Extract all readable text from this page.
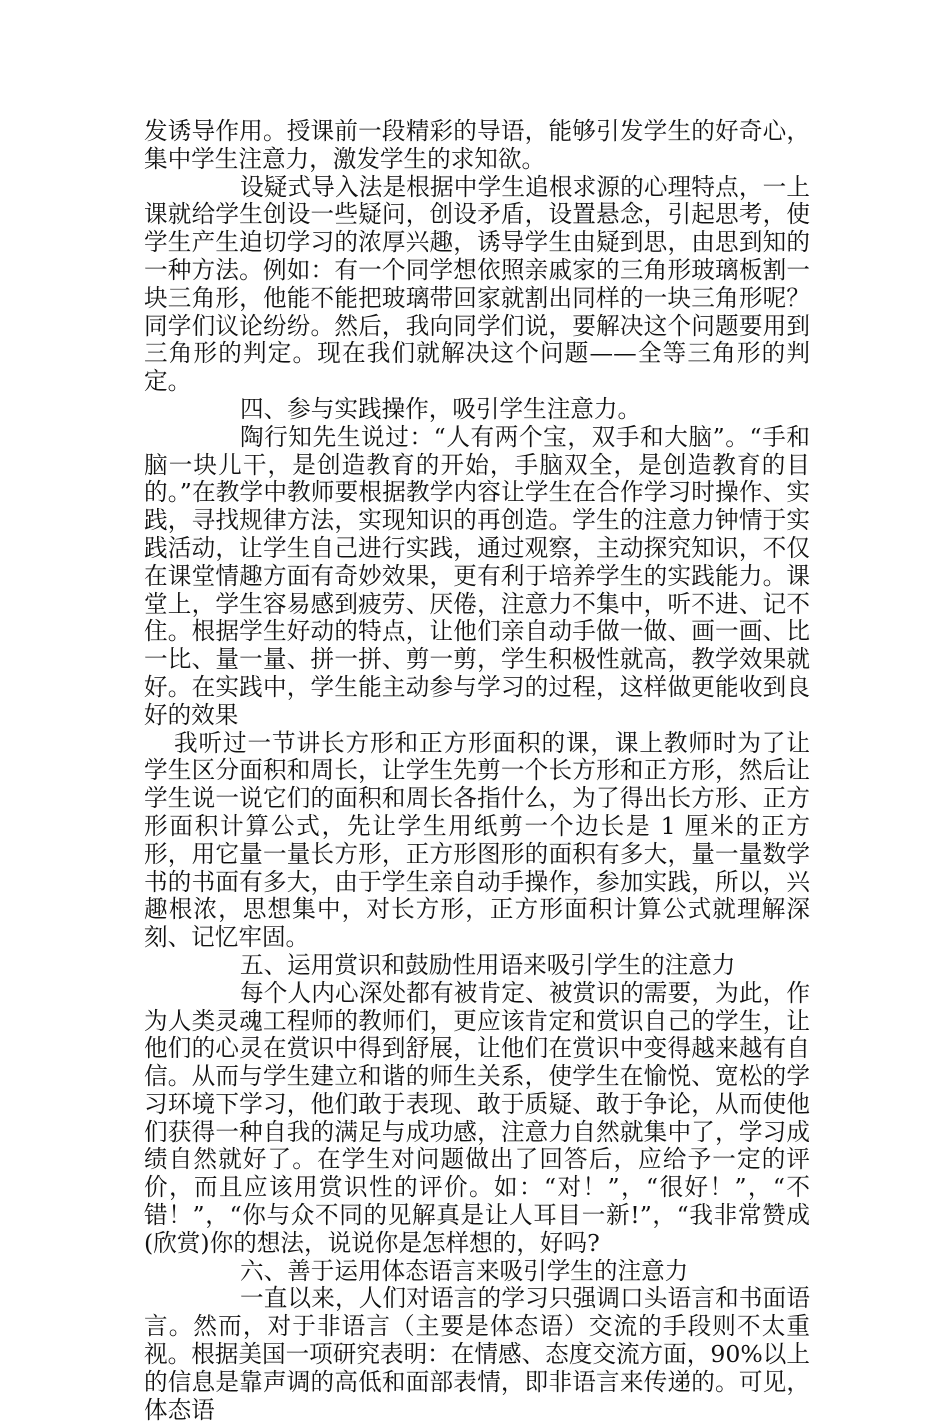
发诱导作用。授课前一段精彩的导语，能够引发学生的好奇心，集中学生注意力，激发学生的求知欲。

设疑式导入法是根据中学生追根求源的心理特点，一上课就给学生创设一些疑问，创设矛盾，设置悬念，引起思考，使学生产生迫切学习的浓厚兴趣，诱导学生由疑到思，由思到知的一种方法。例如：有一个同学想依照亲戚家的三角形玻璃板割一块三角形，他能不能把玻璃带回家就割出同样的一块三角形呢？同学们议论纷纷。然后，我向同学们说，要解决这个问题要用到三角形的判定。现在我们就解决这个问题——全等三角形的判定。

四、参与实践操作，吸引学生注意力。

陶行知先生说过：“人有两个宝，双手和大脑”。“手和脑一块儿干，是创造教育的开始，手脑双全，是创造教育的目的。”在教学中教师要根据教学内容让学生在合作学习时操作、实践，寻找规律方法，实现知识的再创造。学生的注意力钟情于实践活动，让学生自己进行实践，通过观察，主动探究知识，不仅在课堂情趣方面有奇妙效果，更有利于培养学生的实践能力。课堂上，学生容易感到疲劳、厌倦，注意力不集中，听不进、记不住。根据学生好动的特点，让他们亲自动手做一做、画一画、比一比、量一量、拼一拼、剪一剪，学生积极性就高，教学效果就好。在实践中，学生能主动参与学习的过程，这样做更能收到良好的效果

我听过一节讲长方形和正方形面积的课，课上教师时为了让学生区分面积和周长，让学生先剪一个长方形和正方形，然后让学生说一说它们的面积和周长各指什么，为了得出长方形、正方形面积计算公式，先让学生用纸剪一个边长是 1 厘米的正方形，用它量一量长方形，正方形图形的面积有多大，量一量数学书的书面有多大，由于学生亲自动手操作，参加实践，所以，兴趣根浓，思想集中，对长方形，正方形面积计算公式就理解深刻、记忆牢固。

五、运用赏识和鼓励性用语来吸引学生的注意力

每个人内心深处都有被肯定、被赏识的需要，为此，作为人类灵魂工程师的教师们，更应该肯定和赏识自己的学生，让他们的心灵在赏识中得到舒展，让他们在赏识中变得越来越有自信。从而与学生建立和谐的师生关系，使学生在愉悦、宽松的学习环境下学习，他们敢于表现、敢于质疑、敢于争论，从而使他们获得一种自我的满足与成功感，注意力自然就集中了，学习成绩自然就好了。在学生对问题做出了回答后，应给予一定的评价，而且应该用赏识性的评价。如：“对！”，“很好！”，“不错！”，“你与众不同的见解真是让人耳目一新!”，“我非常赞成(欣赏)你的想法，说说你是怎样想的，好吗?

六、善于运用体态语言来吸引学生的注意力

一直以来，人们对语言的学习只强调口头语言和书面语言。然而，对于非语言（主要是体态语）交流的手段则不太重视。根据美国一项研究表明：在情感、态度交流方面，90%以上的信息是靠声调的高低和面部表情，即非语言来传递的。可见，体态语
